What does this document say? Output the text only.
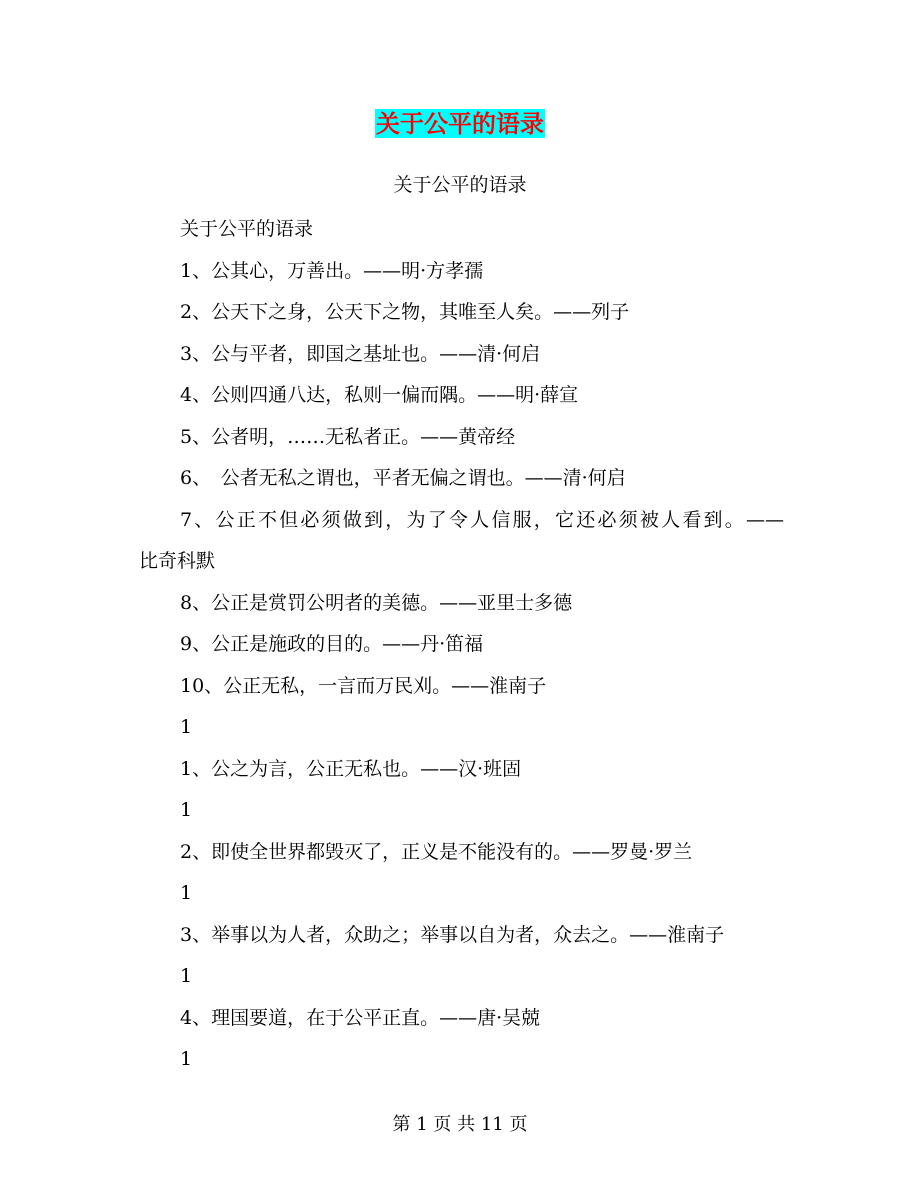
关于公平的语录
关于公平的语录
关于公平的语录
1、公其心，万善出。——明·方孝孺
2、公天下之身，公天下之物，其唯至人矣。——列子
3、公与平者，即国之基址也。——清·何启
4、公则四通八达，私则一偏而隅。——明·薛宣
5、公者明，……无私者正。——黄帝经
6、　公者无私之谓也，平者无偏之谓也。——清·何启
7、公正不但必须做到，为了令人信服，它还必须被人看到。——
比奇科默
8、公正是赏罚公明者的美德。——亚里士多德
9、公正是施政的目的。——丹·笛福
10、公正无私，一言而万民刈。——淮南子
1
1、公之为言，公正无私也。——汉·班固
1
2、即使全世界都毁灭了，正义是不能没有的。——罗曼·罗兰
1
3、举事以为人者，众助之；举事以自为者，众去之。——淮南子
1
4、理国要道，在于公平正直。——唐·吴兢
1
第 1 页 共 11 页
